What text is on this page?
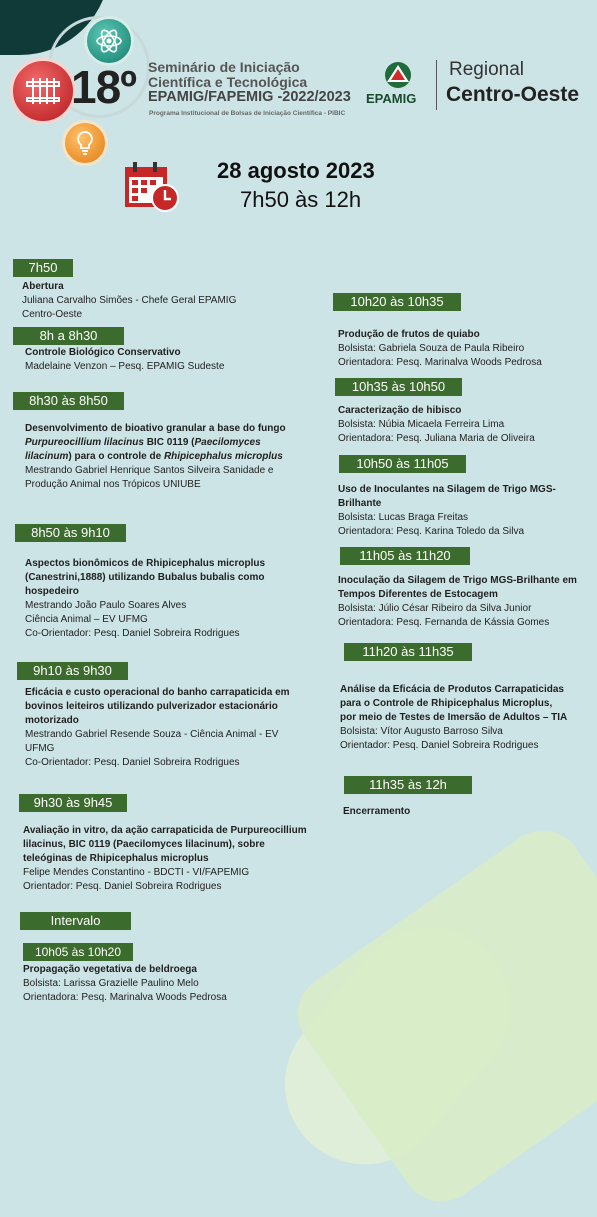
18º Seminário de Iniciação
Científica e Tecnológica
EPAMIG/FAPEMIG -2022/2023
Programa Institucional de Bolsas de Iniciação Científica - PIBIC
EPAMIG
Regional
Centro-Oeste
28 agosto 2023
7h50 às 12h
7h50
Abertura
Juliana Carvalho Simões - Chefe Geral EPAMIG
Centro-Oeste
8h a 8h30
Controle Biológico Conservativo
Madelaine Venzon – Pesq. EPAMIG Sudeste
8h30 às 8h50
Desenvolvimento de bioativo granular a base do fungo Purpureocillium lilacinus BIC 0119 (Paecilomyces lilacinum) para o controle de Rhipicephalus microplus
Mestrando Gabriel Henrique Santos Silveira Sanidade e
Produção Animal nos Trópicos UNIUBE
8h50 às 9h10
Aspectos bionômicos de Rhipicephalus microplus
(Canestrini,1888) utilizando Bubalus bubalis como
hospedeiro
Mestrando João Paulo Soares Alves
Ciência Animal – EV UFMG
Co-Orientador: Pesq. Daniel Sobreira Rodrigues
9h10 às 9h30
Eficácia e custo operacional do banho carrapaticida em
bovinos leiteiros utilizando pulverizador estacionário
motorizado
Mestrando Gabriel Resende Souza - Ciência Animal - EV
UFMG
Co-Orientador: Pesq. Daniel Sobreira Rodrigues
9h30 às 9h45
Avaliação in vitro, da ação carrapaticida de Purpureocillium
lilacinus, BIC 0119 (Paecilomyces lilacinum), sobre
teleóginas de Rhipicephalus microplus
Felipe Mendes Constantino - BDCTI - VI/FAPEMIG
Orientador: Pesq. Daniel Sobreira Rodrigues
Intervalo
10h05 às 10h20
Propagação vegetativa de beldroega
Bolsista: Larissa Grazielle Paulino Melo
Orientadora: Pesq. Marinalva Woods Pedrosa
10h20 às 10h35
Produção de frutos de quiabo
Bolsista: Gabriela Souza de Paula Ribeiro
Orientadora: Pesq. Marinalva Woods Pedrosa
10h35 às 10h50
Caracterização de hibisco
Bolsista: Núbia Micaela Ferreira Lima
Orientadora: Pesq. Juliana Maria de Oliveira
10h50 às 11h05
Uso de Inoculantes na Silagem de Trigo MGS-
Brilhante
Bolsista: Lucas Braga Freitas
Orientadora: Pesq. Karina Toledo da Silva
11h05 às 11h20
Inoculação da Silagem de Trigo MGS-Brilhante em
Tempos Diferentes de Estocagem
Bolsista: Júlio César Ribeiro da Silva Junior
Orientadora: Pesq. Fernanda de Kássia Gomes
11h20 às 11h35
Análise da Eficácia de Produtos Carrapaticidas
para o Controle de Rhipicephalus Microplus,
por meio de Testes de Imersão de Adultos – TIA
Bolsista: Vítor Augusto Barroso Silva
Orientador: Pesq. Daniel Sobreira Rodrigues
11h35 às 12h
Encerramento
